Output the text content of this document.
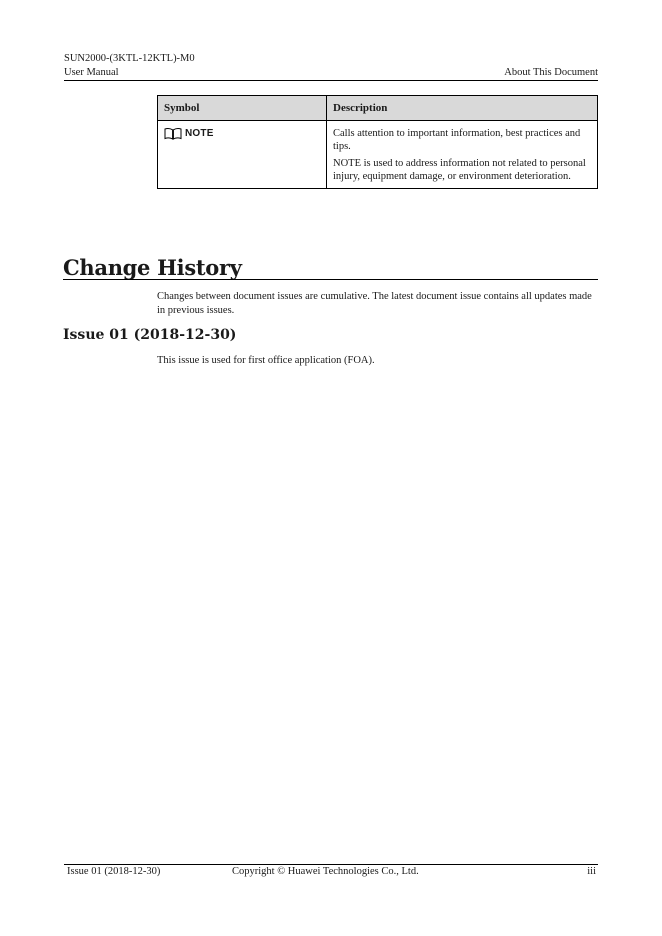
SUN2000-(3KTL-12KTL)-M0
User Manual	About This Document
Symbol	Description

NOTE	Calls attention to important information, best practices and tips.

NOTE is used to address information not related to personal injury, equipment damage, or environment deterioration.

Change History
Changes between document issues are cumulative. The latest document issue contains all updates made in previous issues.
Issue 01 (2018-12-30)
This issue is used for first office application (FOA).
Issue 01 (2018-12-30)	Copyright © Huawei Technologies Co., Ltd.	iii
